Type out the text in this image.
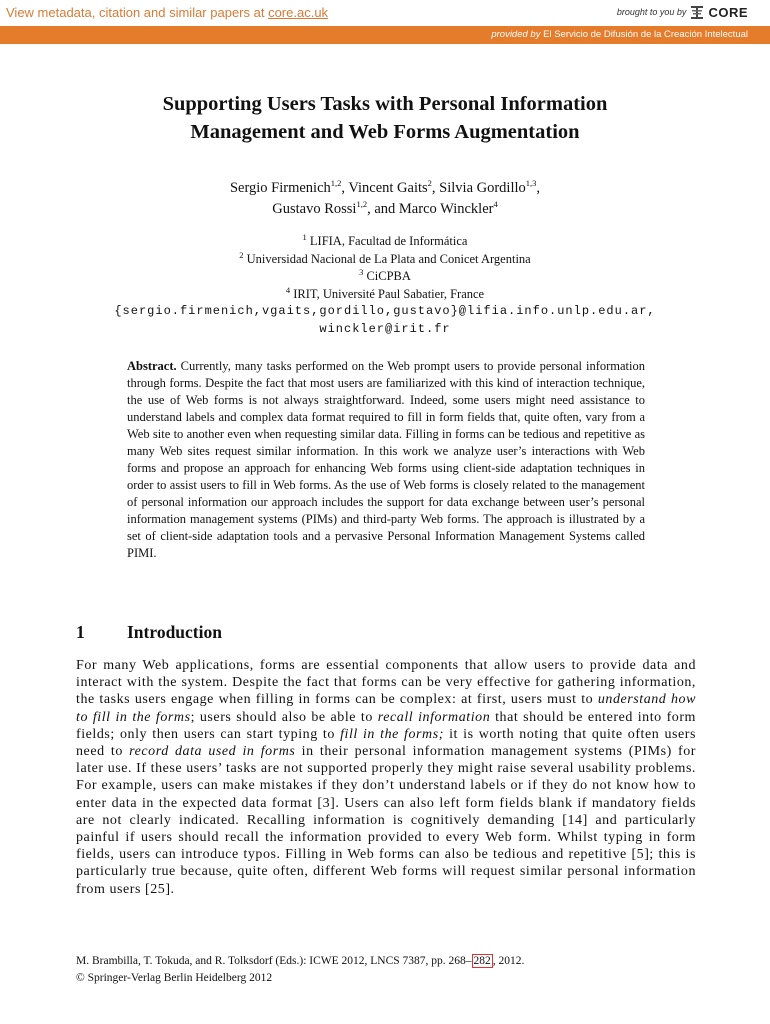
View metadata, citation and similar papers at core.ac.uk	brought to you by CORE
provided by El Servicio de Difusión de la Creación Intelectual
Supporting Users Tasks with Personal Information
Management and Web Forms Augmentation
Sergio Firmenich$^{1,2}$, Vincent Gaits$^2$, Silvia Gordillo$^{1,3}$,
Gustavo Rossi$^{1,2}$, and Marco Winckler$^4$
$^1$ LIFIA, Facultad de Informática
$^2$ Universidad Nacional de La Plata and Conicet Argentina
$^3$ CiCPBA
$^4$ IRIT, Université Paul Sabatier, France
{sergio.firmenich,vgaits,gordillo,gustavo}@lifia.info.unlp.edu.ar,
winckler@irit.fr
Abstract. Currently, many tasks performed on the Web prompt users to provide personal information through forms. Despite the fact that most users are familiarized with this kind of interaction technique, the use of Web forms is not always straightforward. Indeed, some users might need assistance to understand labels and complex data format required to fill in form fields that, quite often, vary from a Web site to another even when requesting similar data. Filling in forms can be tedious and repetitive as many Web sites request similar information. In this work we analyze user’s interactions with Web forms and propose an approach for enhancing Web forms using client-side adaptation techniques in order to assist users to fill in Web forms. As the use of Web forms is closely related to the management of personal information our approach includes the support for data exchange between user’s personal information management systems (PIMs) and third-party Web forms. The approach is illustrated by a set of client-side adaptation tools and a pervasive Personal Information Management Systems called PIMI.
1	Introduction

For many Web applications, forms are essential components that allow users to provide data and interact with the system. Despite the fact that forms can be very effective for gathering information, the tasks users engage when filling in forms can be complex: at first, users must to understand how to fill in the forms; users should also be able to recall information that should be entered into form fields; only then users can start typing to fill in the forms; it is worth noting that quite often users need to record data used in forms in their personal information management systems (PIMs) for later use. If these users’ tasks are not supported properly they might raise several usability problems. For example, users can make mistakes if they don’t understand labels or if they do not know how to enter data in the expected data format [3]. Users can also left form fields blank if mandatory fields are not clearly indicated. Recalling information is cognitively demanding [14] and particularly painful if users should recall the information provided to every Web form. Whilst typing in form fields, users can introduce typos. Filling in Web forms can also be tedious and repetitive [5]; this is particularly true because, quite often, different Web forms will request similar personal information from users [25].

M. Brambilla, T. Tokuda, and R. Tolksdorf (Eds.): ICWE 2012, LNCS 7387, pp. 268– 282 , 2012.

© Springer-Verlag Berlin Heidelberg 2012
